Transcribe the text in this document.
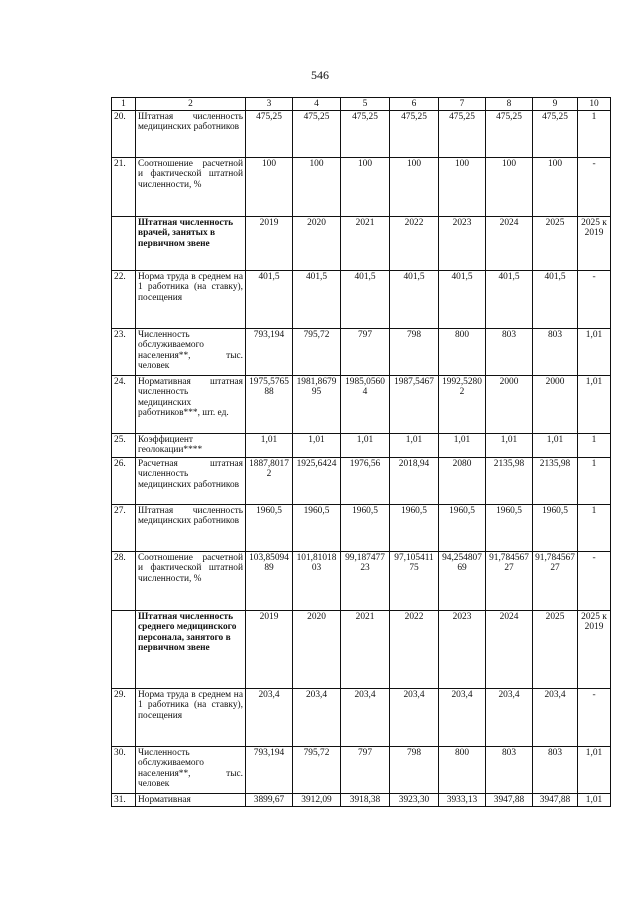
546
1	2	3	4	5	6	7	8	9	10
20.	Штатная численность медицинских работников	475,25	475,25	475,25	475,25	475,25	475,25	475,25	1
21.	Соотношение расчетной и фактической штатной численности, %	100	100	100	100	100	100	100	-
	Штатная численность врачей, занятых в первичном звене	2019	2020	2021	2022	2023	2024	2025	2025 к 2019
22.	Норма труда в среднем на 1 работника (на ставку), посещения	401,5	401,5	401,5	401,5	401,5	401,5	401,5	-
23.	Численность обслуживаемого населения**, тыс. человек	793,194	795,72	797	798	800	803	803	1,01
24.	Нормативная штатная численность медицинских работников***, шт. ед.	1975,576588	1981,867995	1985,05604	1987,5467	1992,52802	2000	2000	1,01
25.	Коэффициент геолокации****	1,01	1,01	1,01	1,01	1,01	1,01	1,01	1
26.	Расчетная штатная численность медицинских работников	1887,80172	1925,6424	1976,56	2018,94	2080	2135,98	2135,98	1
27.	Штатная численность медицинских работников	1960,5	1960,5	1960,5	1960,5	1960,5	1960,5	1960,5	1
28.	Соотношение расчетной и фактической штатной численности, %	103,8509489	101,8101803	99,18747723	97,10541175	94,25480769	91,78456727	91,78456727	-
	Штатная численность среднего медицинского персонала, занятого в первичном звене	2019	2020	2021	2022	2023	2024	2025	2025 к 2019
29.	Норма труда в среднем на 1 работника (на ставку), посещения	203,4	203,4	203,4	203,4	203,4	203,4	203,4	-
30.	Численность обслуживаемого населения**, тыс. человек	793,194	795,72	797	798	800	803	803	1,01
31.	Нормативная	3899,67	3912,09	3918,38	3923,30	3933,13	3947,88	3947,88	1,01
